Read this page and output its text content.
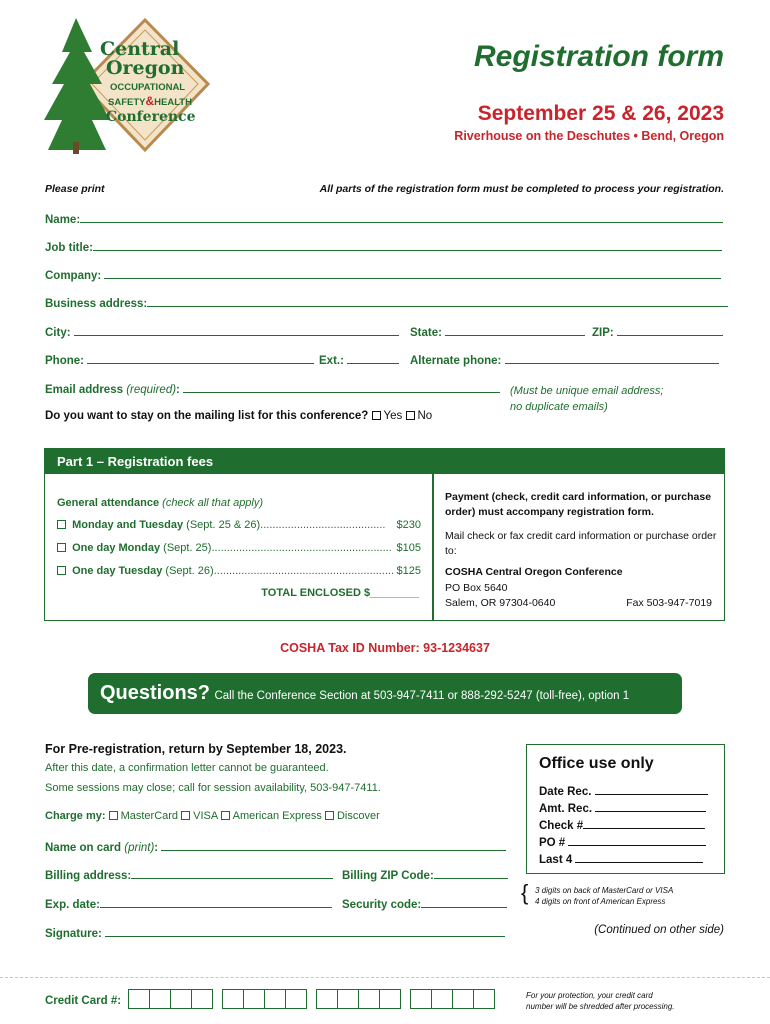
Central
Oregon
OCCUPATIONAL
SAFETY&HEALTH
Conference
Registration form
September 25 & 26, 2023
Riverhouse on the Deschutes • Bend, Oregon
Please print	All parts of the registration form must be completed to process your registration.
Name:
Job title:
Company:
Business address:
City:	State:	ZIP:
Phone:	Ext.:	Alternate phone:
Email address (required):	(Must be unique email address;
no duplicate emails)
Do you want to stay on the mailing list for this conference? Yes No
Part 1 – Registration fees
General attendance (check all that apply)
Monday and Tuesday (Sept. 25 & 26)......................................... $230
One day Monday (Sept. 25)........................................................... $105
One day Tuesday (Sept. 26)........................................................... $125
TOTAL ENCLOSED $________
Payment (check, credit card information, or purchase order) must accompany registration form.
Mail check or fax credit card information or purchase order to:
COSHA Central Oregon Conference
PO Box 5640
Salem, OR 97304-0640	Fax 503-947-7019
COSHA Tax ID Number: 93-1234637
Questions? Call the Conference Section at 503-947-7411 or 888-292-5247 (toll-free), option 1
For Pre-registration, return by September 18, 2023.
After this date, a confirmation letter cannot be guaranteed.
Some sessions may close; call for session availability, 503-947-7411.
Charge my: MasterCard VISA American Express Discover
Name on card (print):
Billing address:	Billing ZIP Code:
Exp. date:	Security code:
Signature:
Office use only
Date Rec.
Amt. Rec.
Check #
PO #
Last 4
{ 3 digits on back of MasterCard or VISA
4 digits on front of American Express
(Continued on other side)
Credit Card #:	For your protection, your credit card
number will be shredded after processing.
